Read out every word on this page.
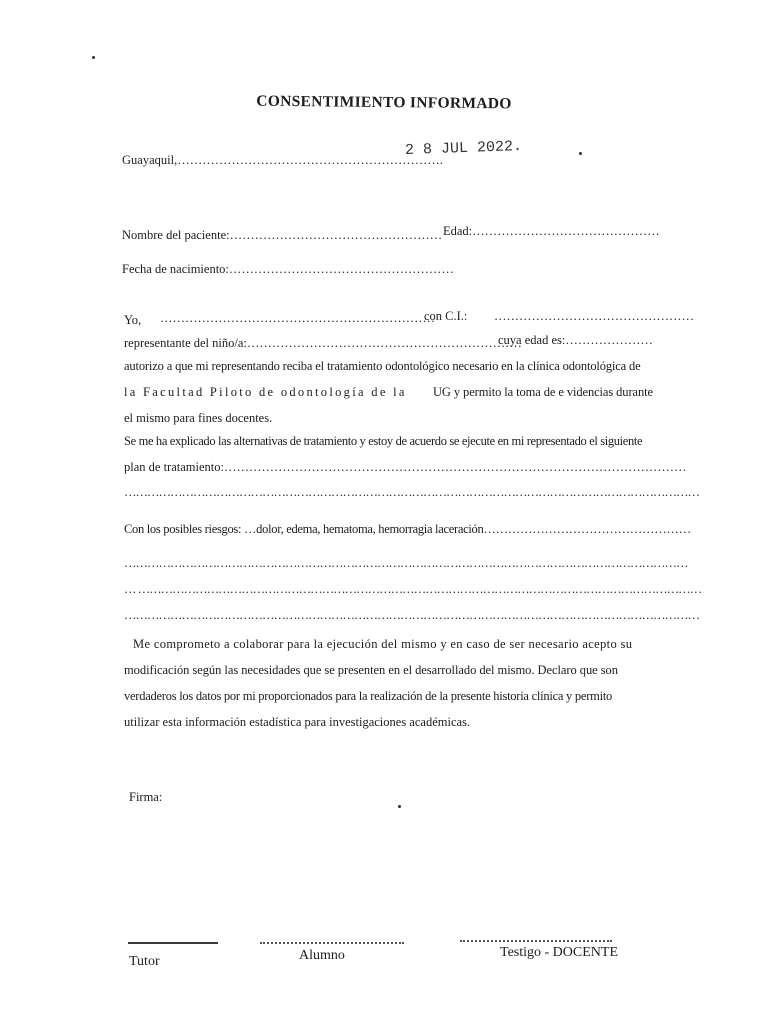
CONSENTIMIENTO INFORMADO
Guayaquil,……………………………………………………….
2 8 JUL 2022.
Nombre del paciente:…………………………………………… Edad:………………………………………
Fecha de nacimiento:………………………………………………
Yo, …………………………………………………………
con C.I.: …………………………………………
representante del niño/a:…………………………………………………………
cuya edad es:…………………
autorizo a que mi representando reciba el tratamiento odontológico necesario en la clínica odontológica de
la Facultad Piloto de odontología de la UG y permito la toma de e videncias durante
el mismo para fines docentes.
Se me ha explicado las alternativas de tratamiento y estoy de acuerdo se ejecute en mi representado el siguiente
plan de tratamiento:…………………………………………………………………………………………………
……………………………………………………………………………………………………………………………………
Con los posibles riesgos: …dolor, edema, hematoma, hemorragia laceración……………………………………………
…………………………………………………………………………………………………………………………………
… …………………………………………………………………………………………………………………………………
……………………………………………………………………………………………………………………………………
Me comprometo a colaborar para la ejecución del mismo y en caso de ser necesario acepto su
modificación según las necesidades que se presenten en el desarrollado del mismo. Declaro que son
verdaderos los datos por mi proporcionados para la realización de la presente historia clínica y permito
utilizar esta información estadística para investigaciones académicas.
Firma:
Tutor	Alumno	Testigo - DOCENTE
